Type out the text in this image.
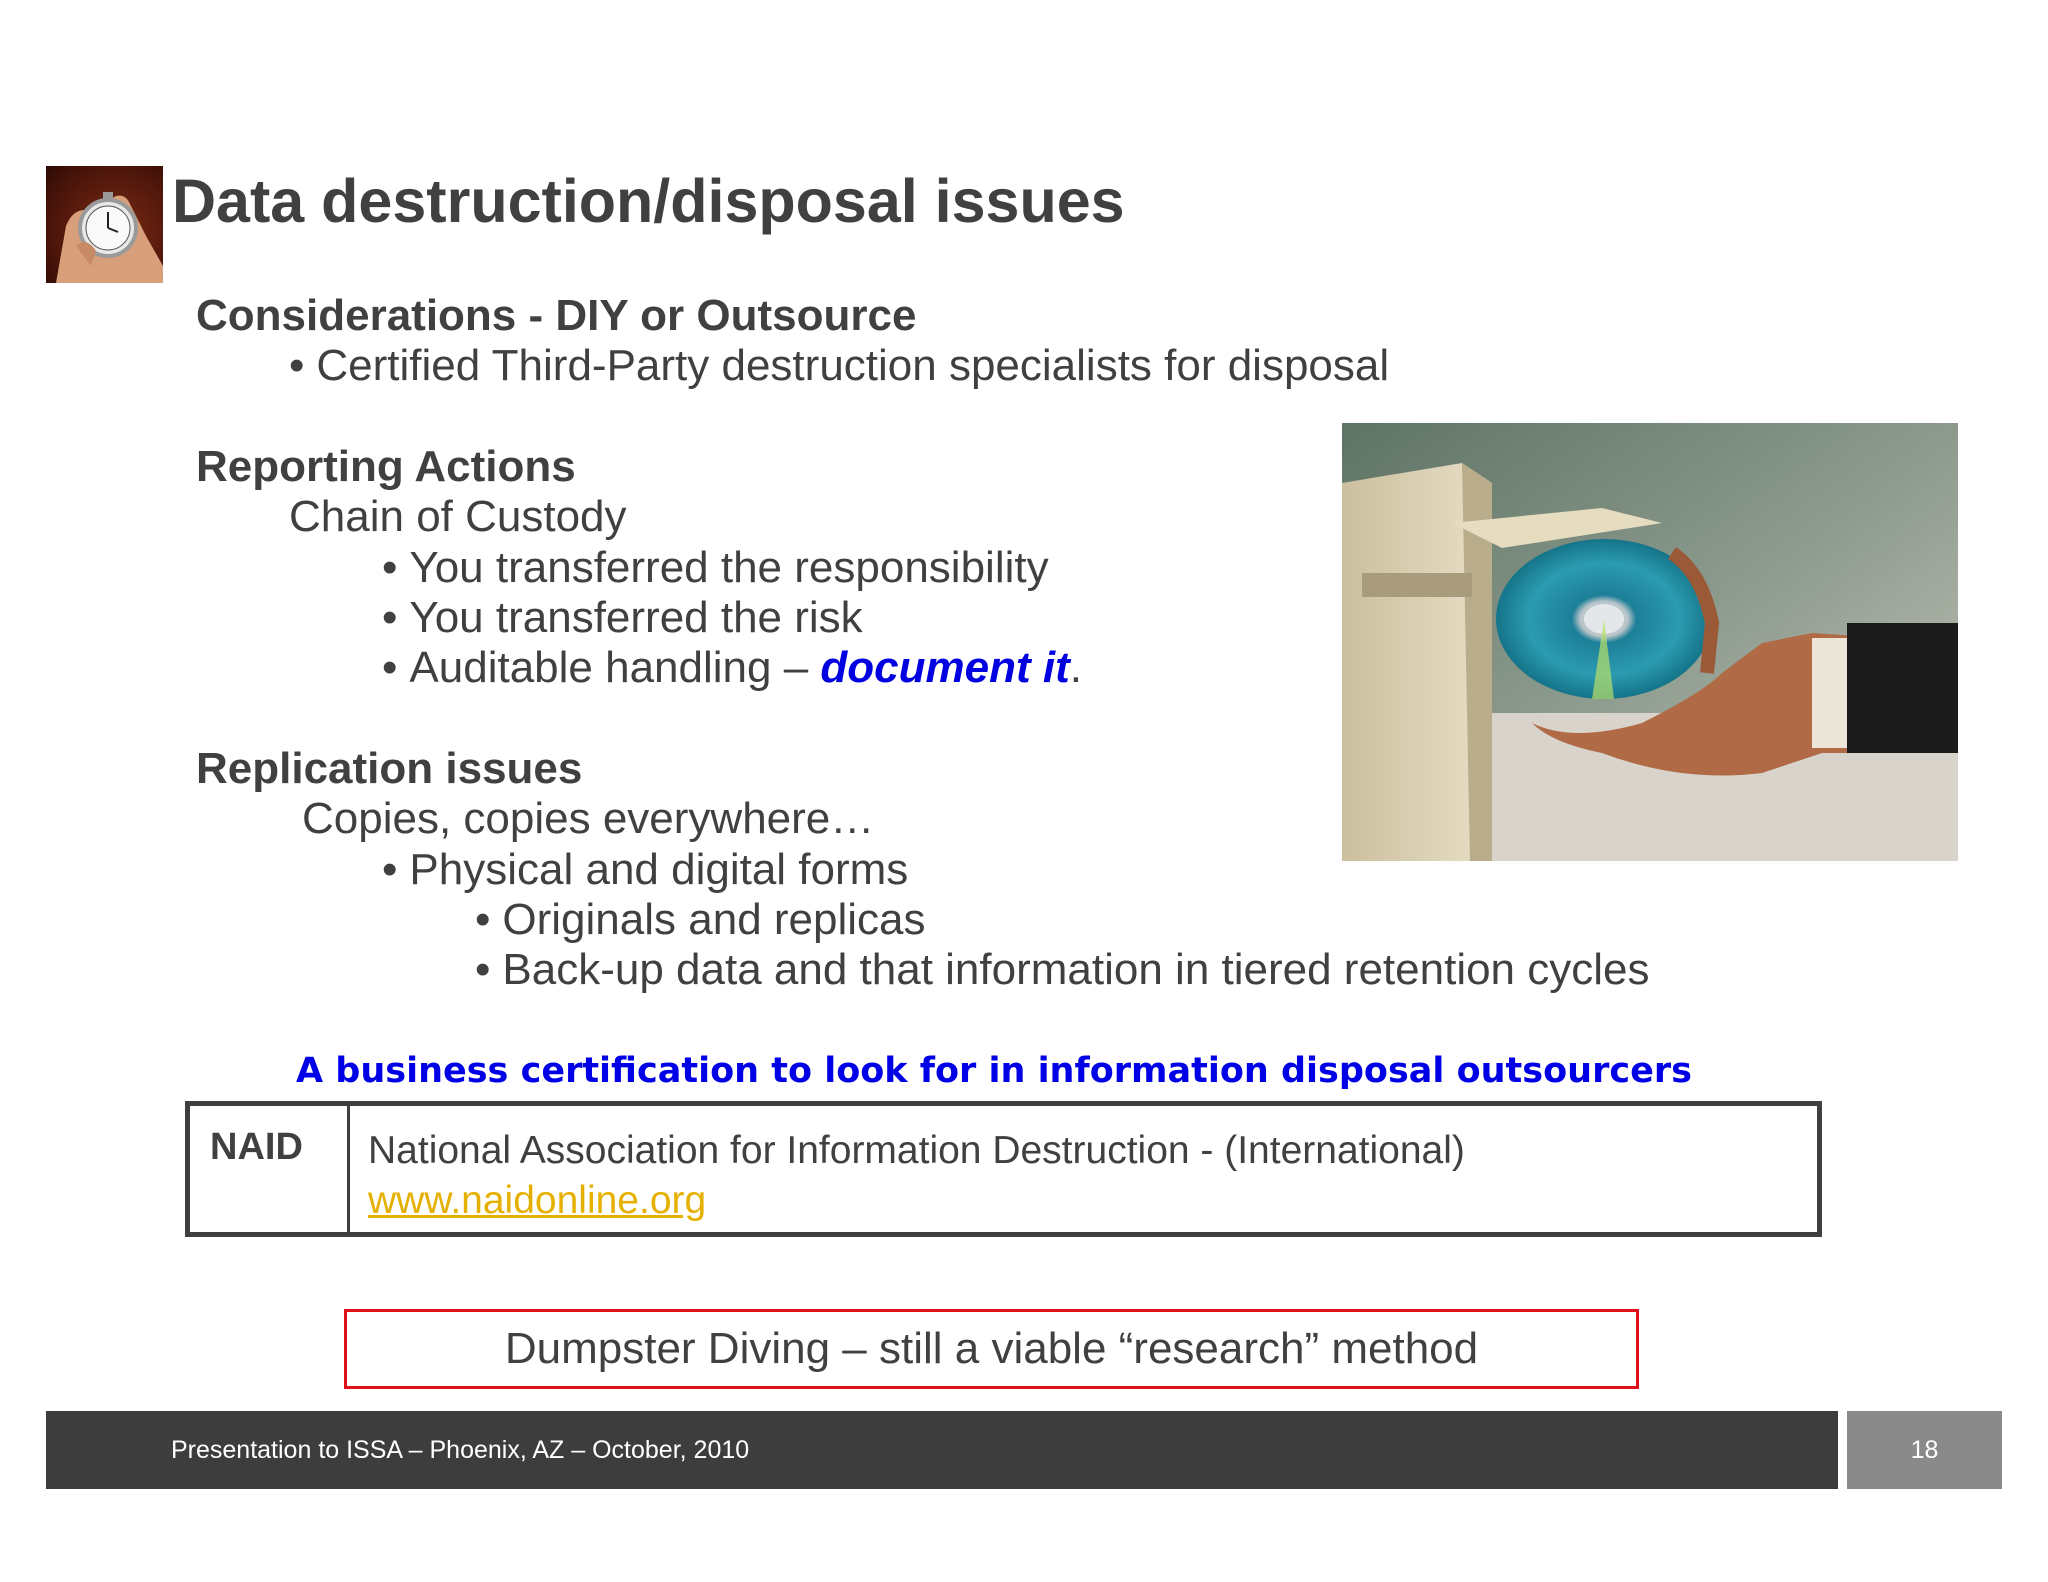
Data destruction/disposal issues
Considerations - DIY or Outsource
• Certified Third-Party destruction specialists for disposal
Reporting Actions
Chain of Custody
• You transferred the responsibility
• You transferred the risk
• Auditable handling – document it.
Replication issues
Copies, copies everywhere…
• Physical and digital forms
• Originals and replicas
• Back-up data and that information in tiered retention cycles
A business certification to look for in information disposal outsourcers
NAID	National Association for Information Destruction - (International)
www.naidonline.org
Dumpster Diving – still a viable “research” method
Presentation to ISSA – Phoenix, AZ – October, 2010	18
